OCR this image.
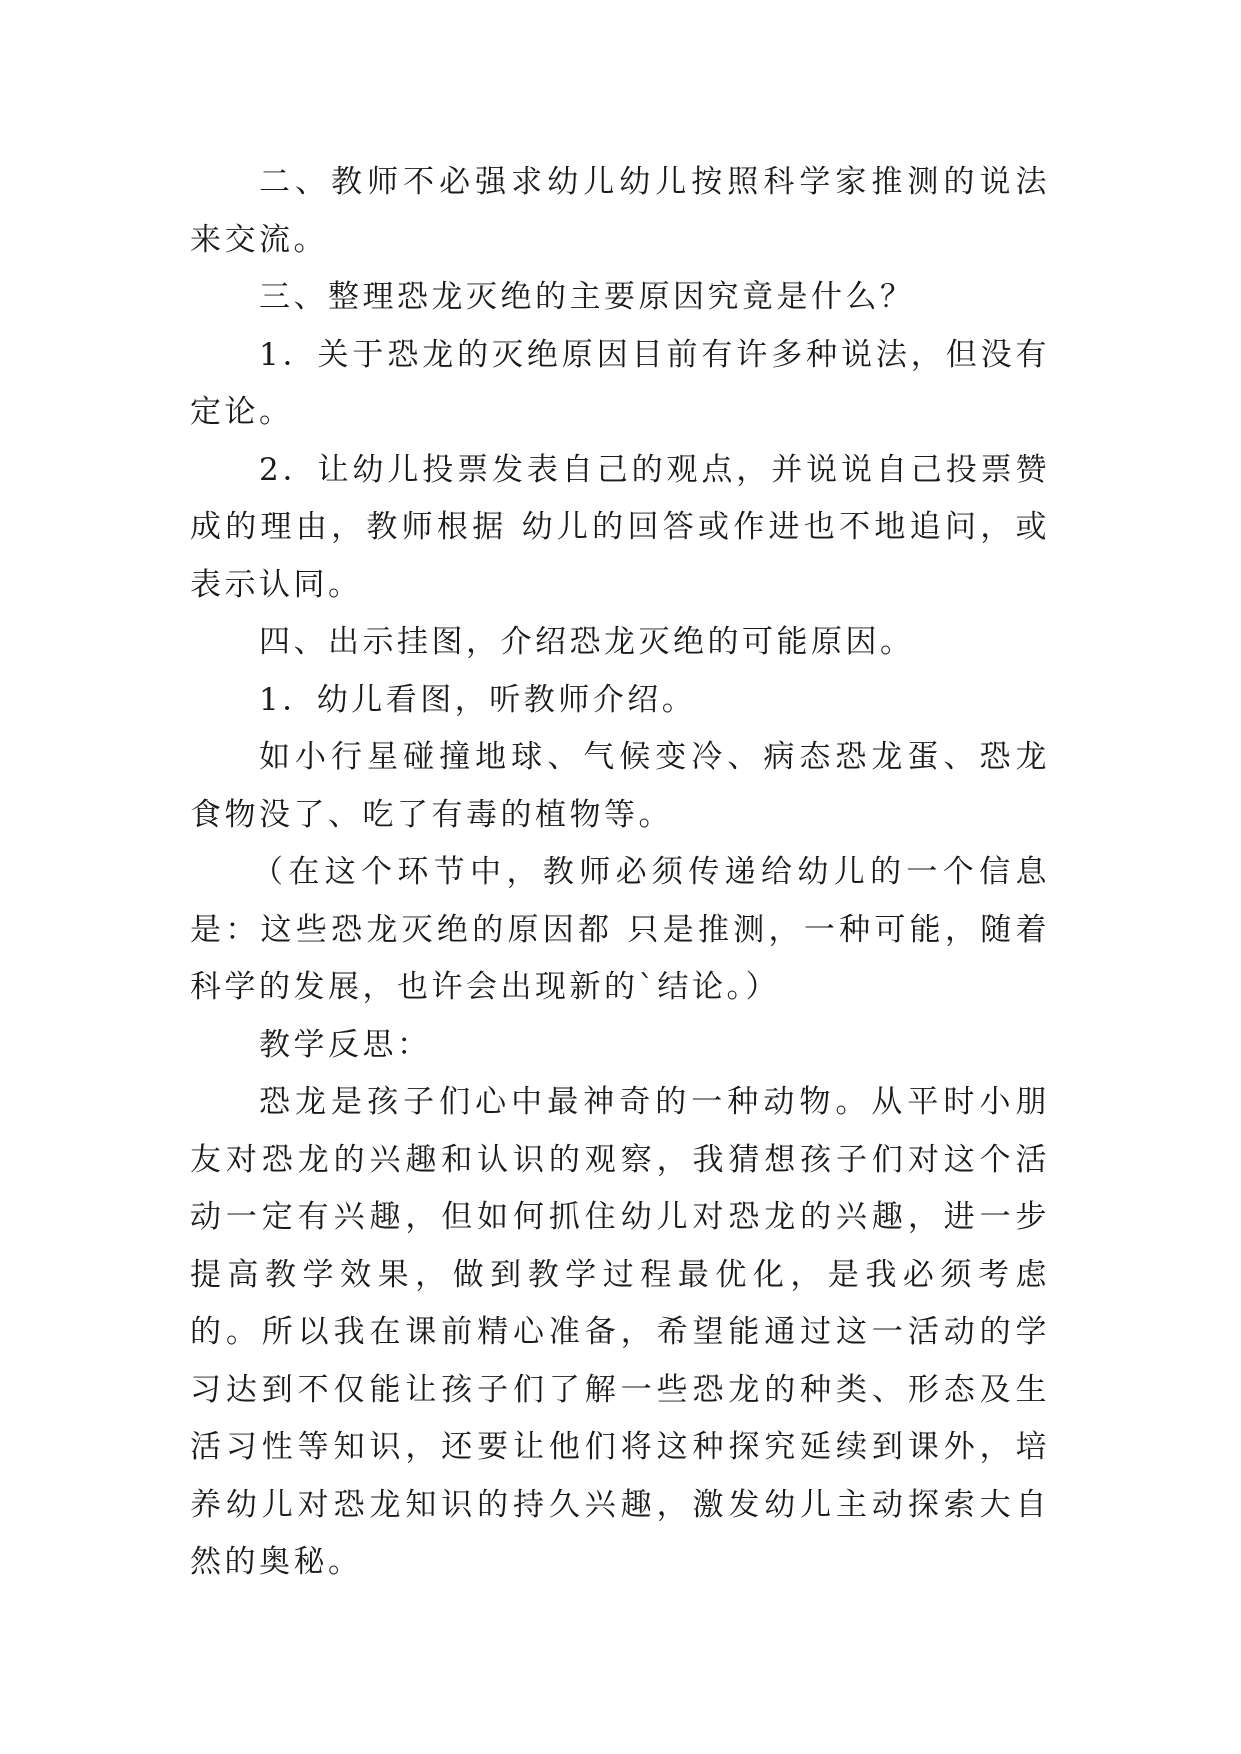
二、教师不必强求幼儿幼儿按照科学家推测的说法来交流。

三、整理恐龙灭绝的主要原因究竟是什么？

1．关于恐龙的灭绝原因目前有许多种说法，但没有定论。

2．让幼儿投票发表自己的观点，并说说自己投票赞成的理由，教师根据 幼儿的回答或作进也不地追问，或表示认同。

四、出示挂图，介绍恐龙灭绝的可能原因。

1．幼儿看图，听教师介绍。

如小行星碰撞地球、气候变冷、病态恐龙蛋、恐龙食物没了、吃了有毒的植物等。

（在这个环节中，教师必须传递给幼儿的一个信息是：这些恐龙灭绝的原因都 只是推测，一种可能，随着科学的发展，也许会出现新的`结论。）

教学反思：

恐龙是孩子们心中最神奇的一种动物。从平时小朋友对恐龙的兴趣和认识的观察，我猜想孩子们对这个活动一定有兴趣，但如何抓住幼儿对恐龙的兴趣，进一步提高教学效果，做到教学过程最优化，是我必须考虑的。所以我在课前精心准备，希望能通过这一活动的学习达到不仅能让孩子们了解一些恐龙的种类、形态及生活习性等知识，还要让他们将这种探究延续到课外，培养幼儿对恐龙知识的持久兴趣，激发幼儿主动探索大自然的奥秘。
